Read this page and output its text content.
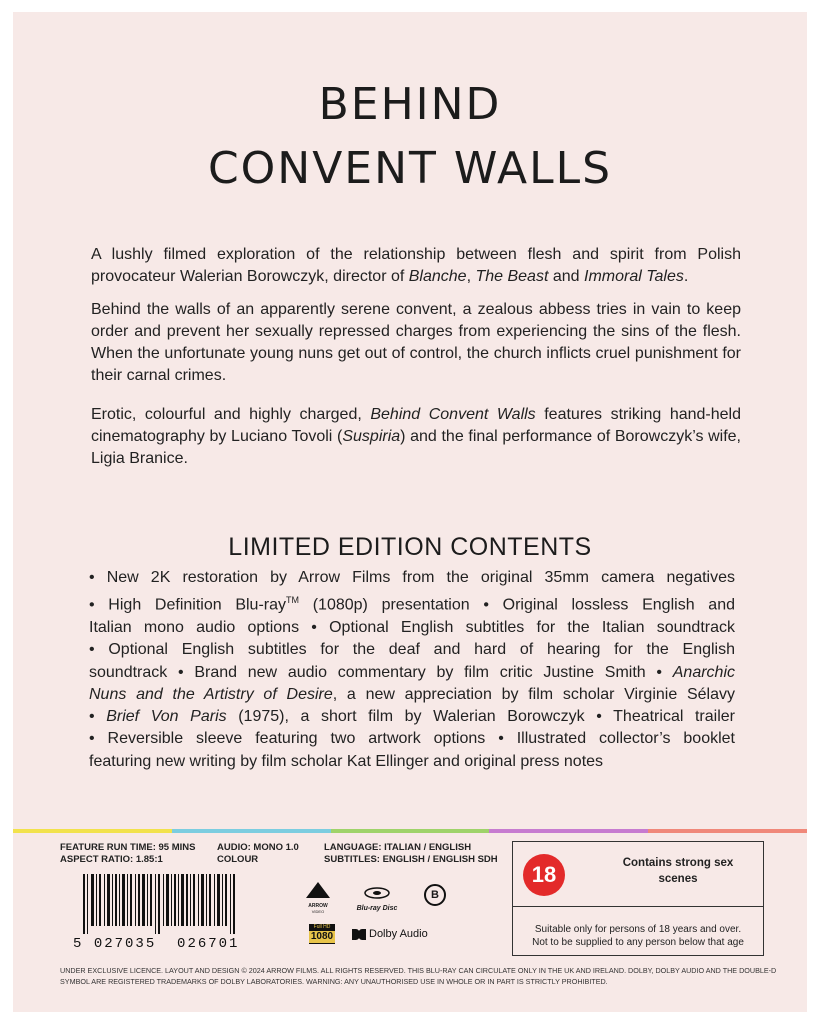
BEHIND
CONVENT WALLS

A lushly filmed exploration of the relationship between flesh and spirit from Polish provocateur Walerian Borowczyk, director of Blanche, The Beast and Immoral Tales.

Behind the walls of an apparently serene convent, a zealous abbess tries in vain to keep order and prevent her sexually repressed charges from experiencing the sins of the flesh. When the unfortunate young nuns get out of control, the church inflicts cruel punishment for their carnal crimes.

Erotic, colourful and highly charged, Behind Convent Walls features striking hand-held cinematography by Luciano Tovoli (Suspiria) and the final performance of Borowczyk’s wife, Ligia Branice.

LIMITED EDITION CONTENTS
• New 2K restoration by Arrow Films from the original 35mm camera negatives
• High Definition Blu-ray™ (1080p) presentation • Original lossless English and
Italian mono audio options • Optional English subtitles for the Italian soundtrack
• Optional English subtitles for the deaf and hard of hearing for the English
soundtrack • Brand new audio commentary by film critic Justine Smith • Anarchic
Nuns and the Artistry of Desire, a new appreciation by film scholar Virginie Sélavy
• Brief Von Paris (1975), a short film by Walerian Borowczyk • Theatrical trailer
• Reversible sleeve featuring two artwork options • Illustrated collector’s booklet
featuring new writing by film scholar Kat Ellinger and original press notes
FEATURE RUN TIME: 95 MINS
ASPECT RATIO: 1.85:1
AUDIO: MONO 1.0
COLOUR
LANGUAGE: ITALIAN / ENGLISH
SUBTITLES: ENGLISH / ENGLISH SDH
5 027035 026701
ARROW
VIDEO	Blu-ray Disc
B
Full HD
1080	Dolby Audio
18	Contains strong sex scenes
Suitable only for persons of 18 years and over.
Not to be supplied to any person below that age

UNDER EXCLUSIVE LICENCE. LAYOUT AND DESIGN © 2024 ARROW FILMS. ALL RIGHTS RESERVED. THIS BLU-RAY CAN CIRCULATE ONLY IN THE UK AND IRELAND. DOLBY, DOLBY AUDIO AND THE DOUBLE-D SYMBOL ARE REGISTERED TRADEMARKS OF DOLBY LABORATORIES. WARNING: ANY UNAUTHORISED USE IN WHOLE OR IN PART IS STRICTLY PROHIBITED.
